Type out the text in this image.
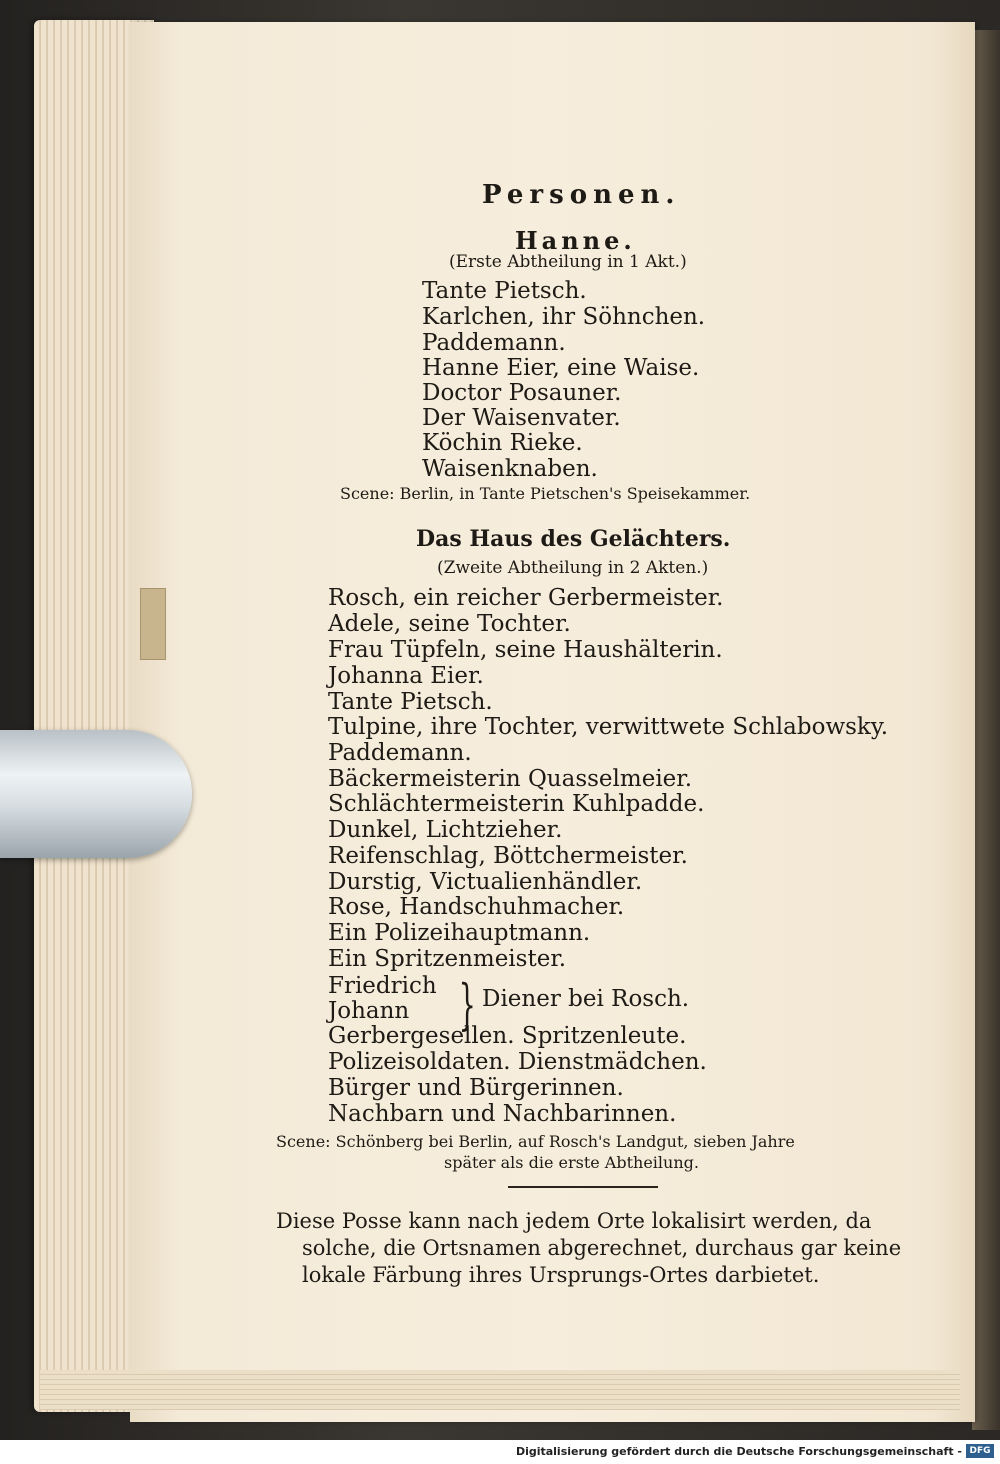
Personen.
Hanne.
(Erste Abtheilung in 1 Akt.)
Tante Pietsch.
Karlchen, ihr Söhnchen.
Paddemann.
Hanne Eier, eine Waise.
Doctor Posauner.
Der Waisenvater.
Köchin Rieke.
Waisenknaben.
Scene: Berlin, in Tante Pietschen's Speisekammer.
Das Haus des Gelächters.
(Zweite Abtheilung in 2 Akten.)
Rosch, ein reicher Gerbermeister.
Adele, seine Tochter.
Frau Tüpfeln, seine Haushälterin.
Johanna Eier.
Tante Pietsch.
Tulpine, ihre Tochter, verwittwete Schlabowsky.
Paddemann.
Bäckermeisterin Quasselmeier.
Schlächtermeisterin Kuhlpadde.
Dunkel, Lichtzieher.
Reifenschlag, Böttchermeister.
Durstig, Victualienhändler.
Rose, Handschuhmacher.
Ein Polizeihauptmann.
Ein Spritzenmeister.
Friedrich
Johann } Diener bei Rosch.
Gerbergesellen. Spritzenleute.
Polizeisoldaten. Dienstmädchen.
Bürger und Bürgerinnen.
Nachbarn und Nachbarinnen.
Scene: Schönberg bei Berlin, auf Rosch's Landgut, sieben Jahre
später als die erste Abtheilung.
Diese Posse kann nach jedem Orte lokalisirt werden, da
solche, die Ortsnamen abgerechnet, durchaus gar keine
lokale Färbung ihres Ursprungs-Ortes darbietet.
Digitalisierung gefördert durch die Deutsche Forschungsgemeinschaft - DFG
